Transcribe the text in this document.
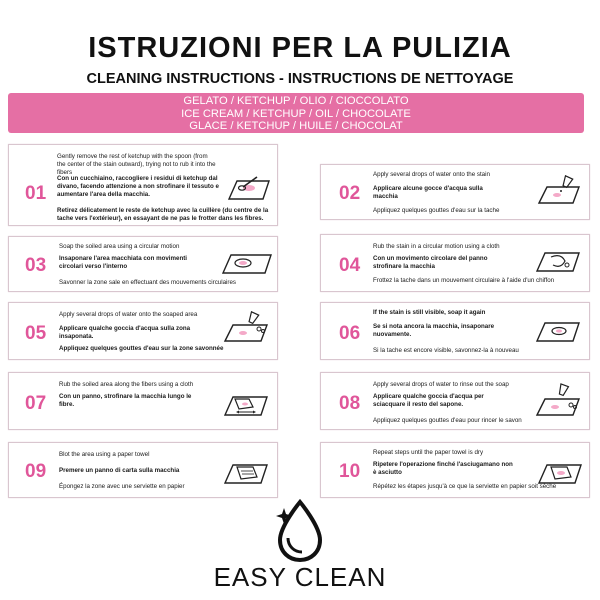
ISTRUZIONI PER LA PULIZIA
CLEANING INSTRUCTIONS - INSTRUCTIONS DE NETTOYAGE
GELATO / KETCHUP / OLIO / CIOCCOLATO
ICE CREAM / KETCHUP / OIL / CHOCOLATE
GLACE / KETCHUP / HUILE / CHOCOLAT
01
Gently remove the rest of ketchup with the spoon (from the center of the stain outward), trying not to rub it into the fibers
Con un cucchiaino, raccogliere i residui di ketchup dal divano, facendo attenzione a non strofinare il tessuto e aumentare l'area della macchia.
Retirez délicatement le reste de ketchup avec la cuillère (du centre de la tache vers l'extérieur), en essayant de ne pas le frotter dans les fibres.
02
Apply several drops of water onto the stain
Applicare alcune gocce d'acqua sulla macchia
Appliquez quelques gouttes d'eau sur la tache
03
Soap the soiled area using a circular motion
Insaponare l'area macchiata con movimenti circolari verso l'interno
Savonner la zone sale en effectuant des mouvements circulaires
04
Rub the stain in a circular motion using a cloth
Con un movimento circolare del panno strofinare la macchia
Frottez la tache dans un mouvement circulaire à l'aide d'un chiffon
05
Apply several drops of water onto the soaped area
Applicare qualche goccia d'acqua sulla zona insaponata.
Appliquez quelques gouttes d'eau sur la zone savonnée
06
If the stain is still visible, soap it again
Se si nota ancora la macchia, insaponare nuovamente.
Si la tache est encore visible, savonnez-la à nouveau
07
Rub the soiled area along the fibers using a cloth
Con un panno, strofinare la macchia lungo le fibre.	08
Apply several drops of water to rinse out the soap
Applicare qualche goccia d'acqua per sciacquare il resto del sapone.
Appliquez quelques gouttes d'eau pour rincer le savon
09
Blot the area using a paper towel
Premere un panno di carta sulla macchia
Épongez la zone avec une serviette en papier
10
Repeat steps until the paper towel is dry
Ripetere l'operazione finché l'asciugamano non è asciutto
Répétez les étapes jusqu'à ce que la serviette en papier soit sèche
EASY CLEAN
